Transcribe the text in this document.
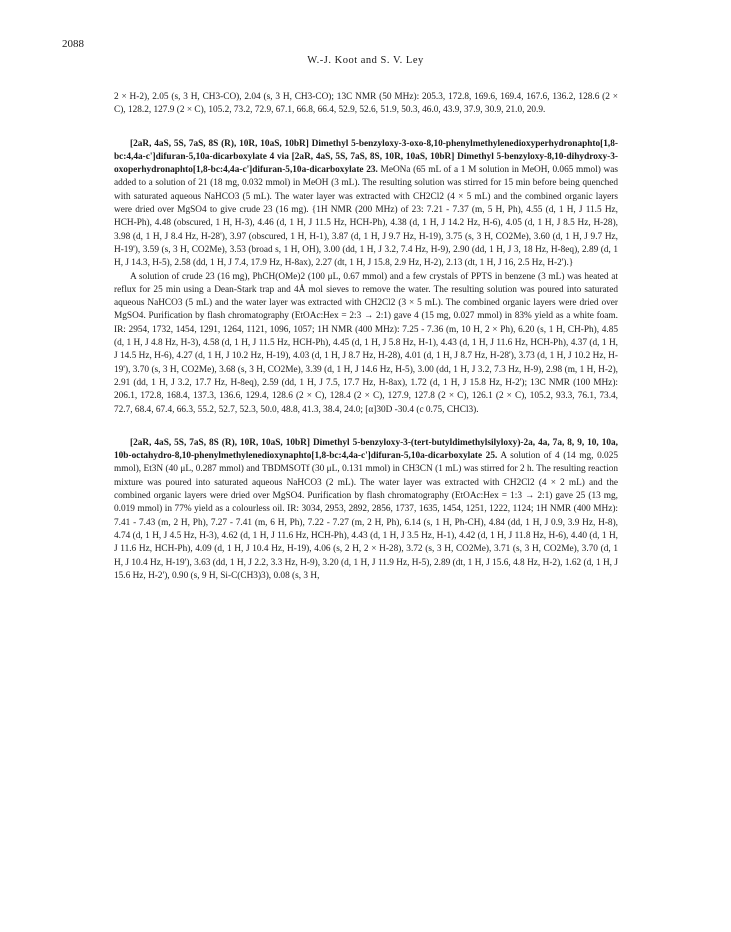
2088
W.-J. Koot and S. V. Ley

2 × H-2), 2.05 (s, 3 H, CH3-CO), 2.04 (s, 3 H, CH3-CO); 13C NMR (50 MHz): 205.3, 172.8, 169.6, 169.4, 167.6, 136.2, 128.6 (2 × C), 128.2, 127.9 (2 × C), 105.2, 73.2, 72.9, 67.1, 66.8, 66.4, 52.9, 52.6, 51.9, 50.3, 46.0, 43.9, 37.9, 30.9, 21.0, 20.9.

[2aR, 4aS, 5S, 7aS, 8S (R), 10R, 10aS, 10bR] Dimethyl 5-benzyloxy-3-oxo-8,10-phenylmethylenedioxyperhydronaphto[1,8-bc:4,4a-c']difuran-5,10a-dicarboxylate 4 via [2aR, 4aS, 5S, 7aS, 8S, 10R, 10aS, 10bR] Dimethyl 5-benzyloxy-8,10-dihydroxy-3-oxoperhydronaphto[1,8-bc:4,4a-c']difuran-5,10a-dicarboxylate 23. MeONa (65 mL of a 1 M solution in MeOH, 0.065 mmol) was added to a solution of 21 (18 mg, 0.032 mmol) in MeOH (3 mL). The resulting solution was stirred for 15 min before being quenched with saturated aqueous NaHCO3 (5 mL). The water layer was extracted with CH2Cl2 (4 × 5 mL) and the combined organic layers were dried over MgSO4 to give crude 23 (16 mg). {1H NMR (200 MHz) of 23: 7.21 - 7.37 (m, 5 H, Ph), 4.55 (d, 1 H, J 11.5 Hz, HCH-Ph), 4.48 (obscured, 1 H, H-3), 4.46 (d, 1 H, J 11.5 Hz, HCH-Ph), 4.38 (d, 1 H, J 14.2 Hz, H-6), 4.05 (d, 1 H, J 8.5 Hz, H-28), 3.98 (d, 1 H, J 8.4 Hz, H-28'), 3.97 (obscured, 1 H, H-1), 3.87 (d, 1 H, J 9.7 Hz, H-19), 3.75 (s, 3 H, CO2Me), 3.60 (d, 1 H, J 9.7 Hz, H-19'), 3.59 (s, 3 H, CO2Me), 3.53 (broad s, 1 H, OH), 3.00 (dd, 1 H, J 3.2, 7.4 Hz, H-9), 2.90 (dd, 1 H, J 3, 18 Hz, H-8eq), 2.89 (d, 1 H, J 14.3, H-5), 2.58 (dd, 1 H, J 7.4, 17.9 Hz, H-8ax), 2.27 (dt, 1 H, J 15.8, 2.9 Hz, H-2), 2.13 (dt, 1 H, J 16, 2.5 Hz, H-2').}

A solution of crude 23 (16 mg), PhCH(OMe)2 (100 μL, 0.67 mmol) and a few crystals of PPTS in benzene (3 mL) was heated at reflux for 25 min using a Dean-Stark trap and 4Å mol sieves to remove the water. The resulting solution was poured into saturated aqueous NaHCO3 (5 mL) and the water layer was extracted with CH2Cl2 (3 × 5 mL). The combined organic layers were dried over MgSO4. Purification by flash chromatography (EtOAc:Hex = 2:3 → 2:1) gave 4 (15 mg, 0.027 mmol) in 83% yield as a white foam. IR: 2954, 1732, 1454, 1291, 1264, 1121, 1096, 1057; 1H NMR (400 MHz): 7.25 - 7.36 (m, 10 H, 2 × Ph), 6.20 (s, 1 H, CH-Ph), 4.85 (d, 1 H, J 4.8 Hz, H-3), 4.58 (d, 1 H, J 11.5 Hz, HCH-Ph), 4.45 (d, 1 H, J 5.8 Hz, H-1), 4.43 (d, 1 H, J 11.6 Hz, HCH-Ph), 4.37 (d, 1 H, J 14.5 Hz, H-6), 4.27 (d, 1 H, J 10.2 Hz, H-19), 4.03 (d, 1 H, J 8.7 Hz, H-28), 4.01 (d, 1 H, J 8.7 Hz, H-28'), 3.73 (d, 1 H, J 10.2 Hz, H-19'), 3.70 (s, 3 H, CO2Me), 3.68 (s, 3 H, CO2Me), 3.39 (d, 1 H, J 14.6 Hz, H-5), 3.00 (dd, 1 H, J 3.2, 7.3 Hz, H-9), 2.98 (m, 1 H, H-2), 2.91 (dd, 1 H, J 3.2, 17.7 Hz, H-8eq), 2.59 (dd, 1 H, J 7.5, 17.7 Hz, H-8ax), 1.72 (d, 1 H, J 15.8 Hz, H-2'); 13C NMR (100 MHz): 206.1, 172.8, 168.4, 137.3, 136.6, 129.4, 128.6 (2 × C), 128.4 (2 × C), 127.9, 127.8 (2 × C), 126.1 (2 × C), 105.2, 93.3, 76.1, 73.4, 72.7, 68.4, 67.4, 66.3, 55.2, 52.7, 52.3, 50.0, 48.8, 41.3, 38.4, 24.0; [α]30D -30.4 (c 0.75, CHCl3).

[2aR, 4aS, 5S, 7aS, 8S (R), 10R, 10aS, 10bR] Dimethyl 5-benzyloxy-3-(tert-butyldimethylsilyloxy)-2a, 4a, 7a, 8, 9, 10, 10a, 10b-octahydro-8,10-phenylmethylenedioxynaphto[1,8-bc:4,4a-c']difuran-5,10a-dicarboxylate 25. A solution of 4 (14 mg, 0.025 mmol), Et3N (40 μL, 0.287 mmol) and TBDMSOTf (30 μL, 0.131 mmol) in CH3CN (1 mL) was stirred for 2 h. The resulting reaction mixture was poured into saturated aqueous NaHCO3 (2 mL). The water layer was extracted with CH2Cl2 (4 × 2 mL) and the combined organic layers were dried over MgSO4. Purification by flash chromatography (EtOAc:Hex = 1:3 → 2:1) gave 25 (13 mg, 0.019 mmol) in 77% yield as a colourless oil. IR: 3034, 2953, 2892, 2856, 1737, 1635, 1454, 1251, 1222, 1124; 1H NMR (400 MHz): 7.41 - 7.43 (m, 2 H, Ph), 7.27 - 7.41 (m, 6 H, Ph), 7.22 - 7.27 (m, 2 H, Ph), 6.14 (s, 1 H, Ph-CH), 4.84 (dd, 1 H, J 0.9, 3.9 Hz, H-8), 4.74 (d, 1 H, J 4.5 Hz, H-3), 4.62 (d, 1 H, J 11.6 Hz, HCH-Ph), 4.43 (d, 1 H, J 3.5 Hz, H-1), 4.42 (d, 1 H, J 11.8 Hz, H-6), 4.40 (d, 1 H, J 11.6 Hz, HCH-Ph), 4.09 (d, 1 H, J 10.4 Hz, H-19), 4.06 (s, 2 H, 2 × H-28), 3.72 (s, 3 H, CO2Me), 3.71 (s, 3 H, CO2Me), 3.70 (d, 1 H, J 10.4 Hz, H-19'), 3.63 (dd, 1 H, J 2.2, 3.3 Hz, H-9), 3.20 (d, 1 H, J 11.9 Hz, H-5), 2.89 (dt, 1 H, J 15.6, 4.8 Hz, H-2), 1.62 (d, 1 H, J 15.6 Hz, H-2'), 0.90 (s, 9 H, Si-C(CH3)3), 0.08 (s, 3 H,
